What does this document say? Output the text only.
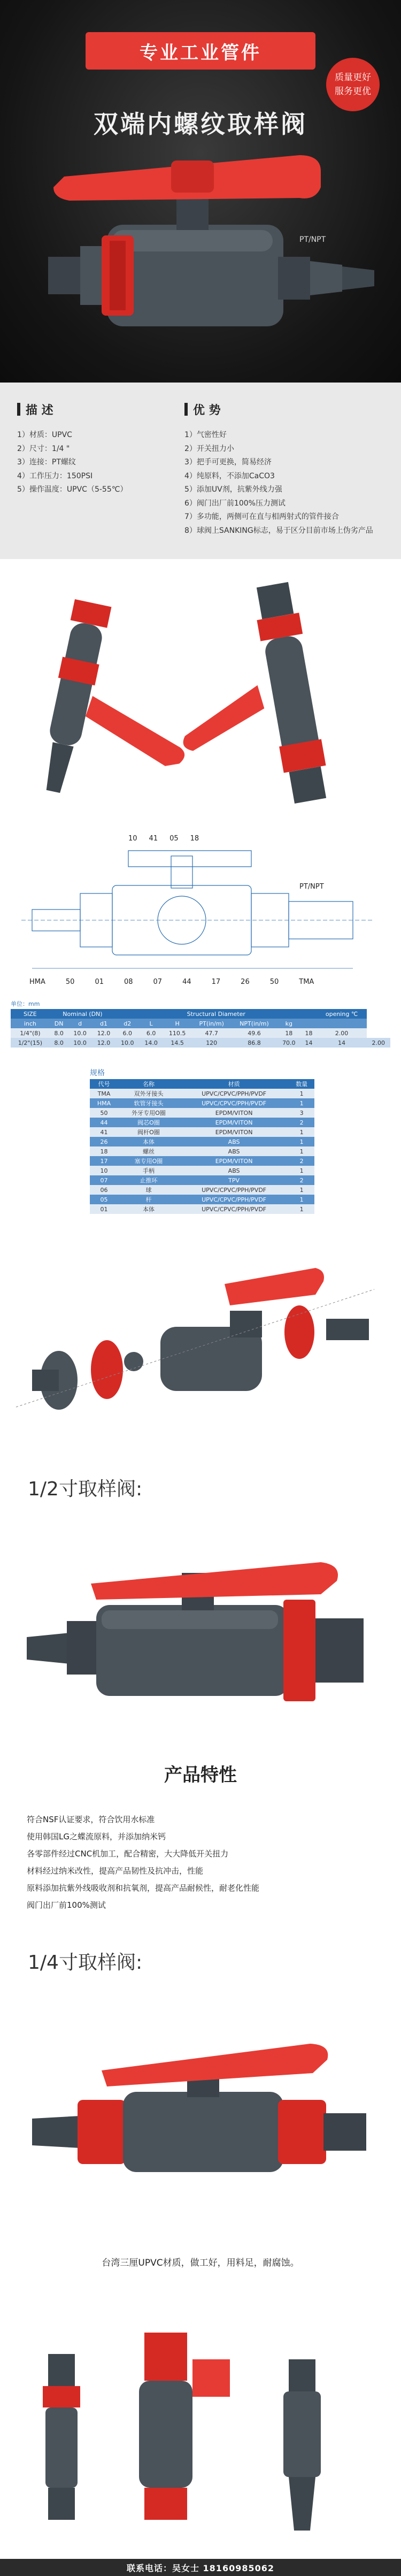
专业工业管件
质量更好
服务更优
双端内螺纹取样阀
PT/NPT
描 述
1）材质：UPVC
2）尺寸：1/4 "
3）连接：PT螺纹
4）工作压力：150PSI
5）操作温度：UPVC（5-55℃）
优 势
1）气密性好
2）开关扭力小
3）把手可更换，简易经济
4）纯原料，不添加CaCO3
5）添加UV剂，抗紫外线力强
6）阀门出厂前100%压力测试
7）多功能，两侧可在直与相两射式的管件接合
8）球阀上SANKING标志，易于区分目前市场上伪劣产品
10 41 05 18
PT/NPT
HMA	50	01	08	07	44	17	26	50	TMA
单位：mm
SIZE	Nominal (DN)			Structural Diameter							opening ℃	
inch	DN	d	d1	d2	L	H	PT(in/m)	NPT(in/m)	kg			
1/4"(8)	8.0	10.0	12.0	6.0	6.0	110.5	47.7	49.6	18	18	2.00	
1/2"(15)	8.0	10.0	12.0	10.0	14.0	14.5	120	86.8	70.0	14	14	2.00
规格
代号	名称	材质	数量
TMA	双外牙接头	UPVC/CPVC/PPH/PVDF	1
HMA	软管牙接头	UPVC/CPVC/PPH/PVDF	1
50	外牙专用O圈	EPDM/VITON	3
44	阀芯O圈	EPDM/VITON	2
41	阀杆O圈	EPDM/VITON	1
26	本体	ABS	1
18	螺丝	ABS	1
17	塞专用O圈	EPDM/VITON	2
10	手柄	ABS	1
07	止推环	TPV	2
06	球	UPVC/CPVC/PPH/PVDF	1
05	杆	UPVC/CPVC/PPH/PVDF	1
01	本体	UPVC/CPVC/PPH/PVDF	1
1/2寸取样阀:
产品特性
符合NSF认证要求，符合饮用水标准
使用韩国LG之蝶流原料，并添加纳米钙
各零部件经过CNC机加工，配合精密，大大降低开关扭力
材料经过纳米改性，提高产品韧性及抗冲击，性能
原料添加抗紫外线吸收剂和抗氧剂，提高产品耐候性，耐老化性能
阀门出厂前100%测试
1/4寸取样阀:
台湾三厘UPVC材质，做工好，用料足，耐腐蚀。
联系电话：吴女士 18160985062
